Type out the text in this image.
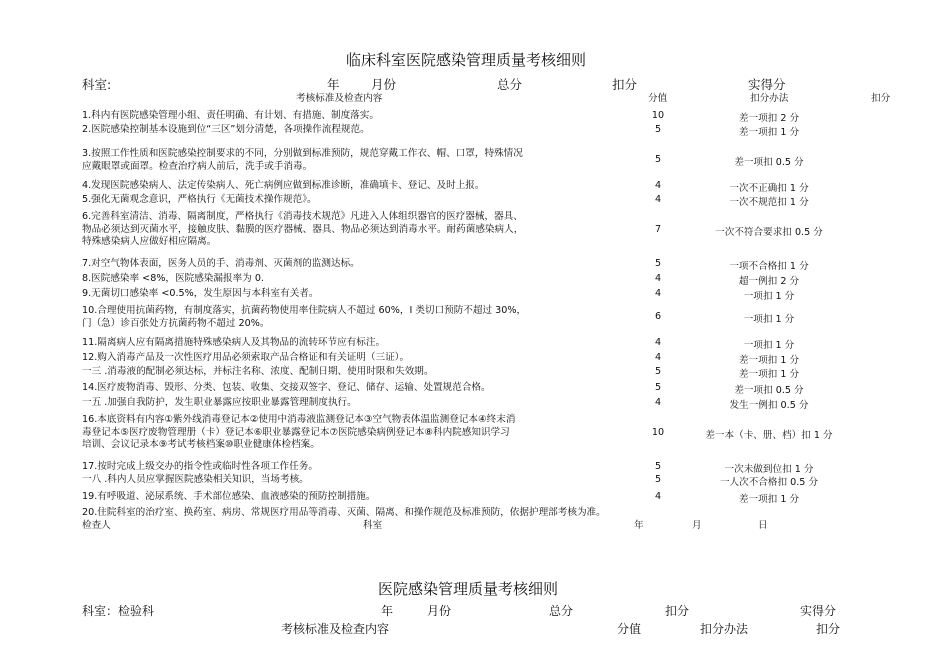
临床科室医院感染管理质量考核细则
科室:	年	月份	总分	扣分	实得分
考核标准及检查内容	分值	扣分办法	扣分
1.科内有医院感染管理小组、责任明确、有计划、有措施、制度落实。	10	差一项扣 2 分
2.医院感染控制基本设施到位“三区”划分清楚，各项操作流程规范。	5	差一项扣 1 分
3.按照工作性质和医院感染控制要求的不同，分别做到标准预防，规范穿戴工作衣、帽、口罩，特殊情况
应戴眼罩或面罩。检查治疗病人前后，洗手或手消毒。
5	差一项扣 0.5 分
4.发现医院感染病人、法定传染病人、死亡病例应做到标准诊断，准确填卡、登记、及时上报。	4	一次不正确扣 1 分
5.强化无菌观念意识，严格执行《无菌技术操作规范》。	4	一次不规范扣 1 分
6.完善科室清洁、消毒、隔离制度，严格执行《消毒技术规范》凡进入人体组织器官的医疗器械，器具、
物品必须达到灭菌水平，接触皮肤、黏膜的医疗器械、器具、物品必须达到消毒水平。耐药菌感染病人，
特殊感染病人应做好相应隔离。
7	一次不符合要求扣 0.5 分
7.对空气物体表面，医务人员的手、消毒剂、灭菌剂的监测达标。	5	一项不合格扣 1 分
8.医院感染率 <8%，医院感染漏报率为 0.	4	超一例扣 2 分
9.无菌切口感染率 <0.5%，发生原因与本科室有关者。	4	一项扣 1 分
10.合理使用抗菌药物，有制度落实，抗菌药物使用率住院病人不超过 60%，I 类切口预防不超过 30%，
门（急）诊百张处方抗菌药物不超过 20%。
6	一项扣 1 分
11.隔离病人应有隔离措施特殊感染病人及其物品的流转环节应有标注。	4	一项扣 1 分
12.购入消毒产品及一次性医疗用品必须索取产品合格证和有关证明（三证）。	4	差一项扣 1 分
一三 .消毒液的配制必须达标，并标注名称、浓度、配制日期、使用时限和失效期。	5	差一项扣 1 分
14.医疗废物消毒、毁形、分类、包装、收集、交接双签字、登记、储存、运输、处置规范合格。	5	差一项扣 0.5 分
一五 .加强自我防护，发生职业暴露应按职业暴露管理制度执行。	4	发生一例扣 0.5 分
16.本底资料有内容①紫外线消毒登记本②使用中消毒液监测登记本③空气物表体温监测登记本④终末消
毒登记本⑤医疗废物管理册（卡）登记本⑥职业暴露登记本⑦医院感染病例登记本⑧科内院感知识学习
培训、会议记录本⑨考试考核档案⑩职业健康体检档案。
10	差一本（卡、册、档）扣 1 分
17.按时完成上级交办的指令性或临时性各项工作任务。	5	一次未做到位扣 1 分
一八 .科内人员应掌握医院感染相关知识，当场考核。	5	一人次不合格扣 0.5 分
19.有呼吸道、泌尿系统、手术部位感染、血液感染的预防控制措施。	4	差一项扣 1 分
20.住院科室的治疗室、换药室、病房、常规医疗用品等消毒、灭菌、隔离、和操作规范及标准预防，依据护理部考核为准。
检查人	科室	年	月	日
医院感染管理质量考核细则
科室：检验科	年	月份	总分	扣分	实得分
考核标准及检查内容	分值	扣分办法	扣分
